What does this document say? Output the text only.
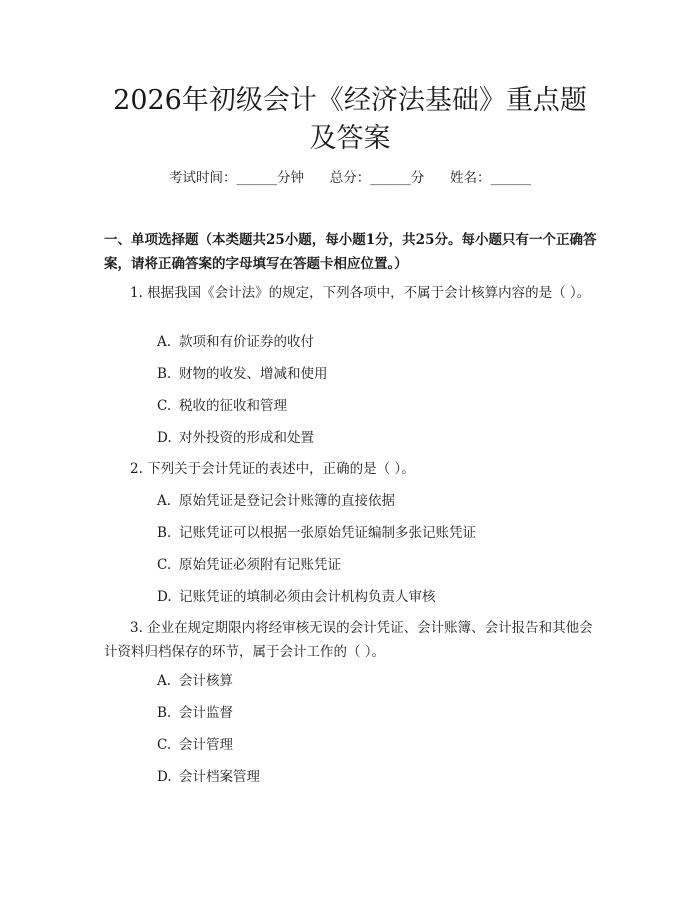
2026年初级会计《经济法基础》重点题及答案
考试时间：______分钟      总分：______分      姓名：______
一、单项选择题（本类题共25小题，每小题1分，共25分。每小题只有一个正确答案，请将正确答案的字母填写在答题卡相应位置。）
1. 根据我国《会计法》的规定，下列各项中，不属于会计核算内容的是（ ）。
A. 款项和有价证券的收付
B. 财物的收发、增减和使用
C. 税收的征收和管理
D. 对外投资的形成和处置
2. 下列关于会计凭证的表述中，正确的是（ ）。
A. 原始凭证是登记会计账簿的直接依据
B. 记账凭证可以根据一张原始凭证编制多张记账凭证
C. 原始凭证必须附有记账凭证
D. 记账凭证的填制必须由会计机构负责人审核
3. 企业在规定期限内将经审核无误的会计凭证、会计账簿、会计报告和其他会计资料归档保存的环节，属于会计工作的（ ）。
A. 会计核算
B. 会计监督
C. 会计管理
D. 会计档案管理
